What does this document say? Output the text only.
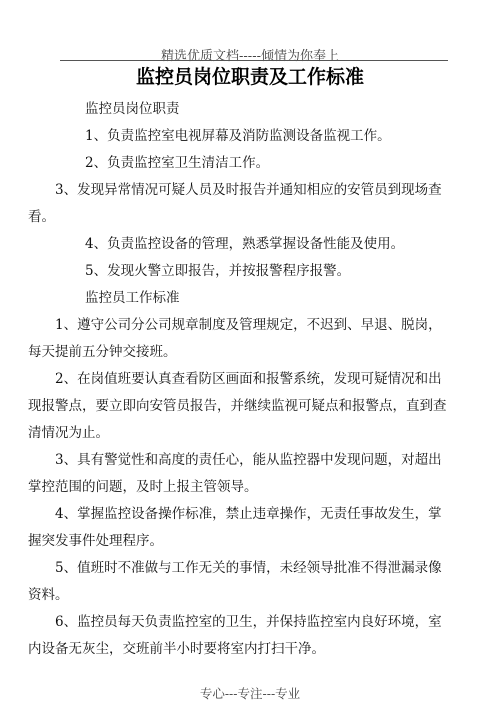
精选优质文档-----倾情为你奉上
监控员岗位职责及工作标准

监控员岗位职责

1、负责监控室电视屏幕及消防监测设备监视工作。

2、负责监控室卫生清洁工作。

3、发现异常情况可疑人员及时报告并通知相应的安管员到现场查看。

4、负责监控设备的管理，熟悉掌握设备性能及使用。

5、发现火警立即报告，并按报警程序报警。

监控员工作标准

1、遵守公司分公司规章制度及管理规定，不迟到、早退、脱岗，每天提前五分钟交接班。

2、在岗值班要认真查看防区画面和报警系统，发现可疑情况和出现报警点，要立即向安管员报告，并继续监视可疑点和报警点，直到查清情况为止。

3、具有警觉性和高度的责任心，能从监控器中发现问题，对超出掌控范围的问题，及时上报主管领导。

4、掌握监控设备操作标准，禁止违章操作，无责任事故发生，掌握突发事件处理程序。

5、值班时不准做与工作无关的事情，未经领导批准不得泄漏录像资料。

6、监控员每天负责监控室的卫生，并保持监控室内良好环境，室内设备无灰尘，交班前半小时要将室内打扫干净。

专心---专注---专业
